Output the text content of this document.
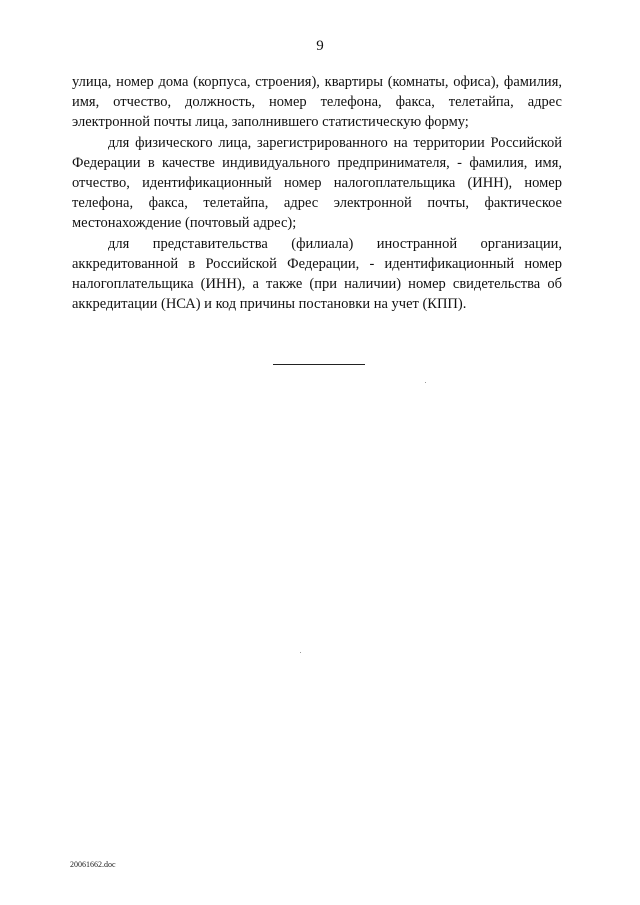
9

улица, номер дома (корпуса, строения), квартиры (комнаты, офиса), фамилия, имя, отчество, должность, номер телефона, факса, телетайпа, адрес электронной почты лица, заполнившего статистическую форму;

для физического лица, зарегистрированного на территории Российской Федерации в качестве индивидуального предпринимателя, - фамилия, имя, отчество, идентификационный номер налогоплательщика (ИНН), номер телефона, факса, телетайпа, адрес электронной почты, фактическое местонахождение (почтовый адрес);

для представительства (филиала) иностранной организации, аккредитованной в Российской Федерации, - идентификационный номер налогоплательщика (ИНН), а также (при наличии) номер свидетельства об аккредитации (НСА) и код причины постановки на учет (КПП).

20061662.doc
